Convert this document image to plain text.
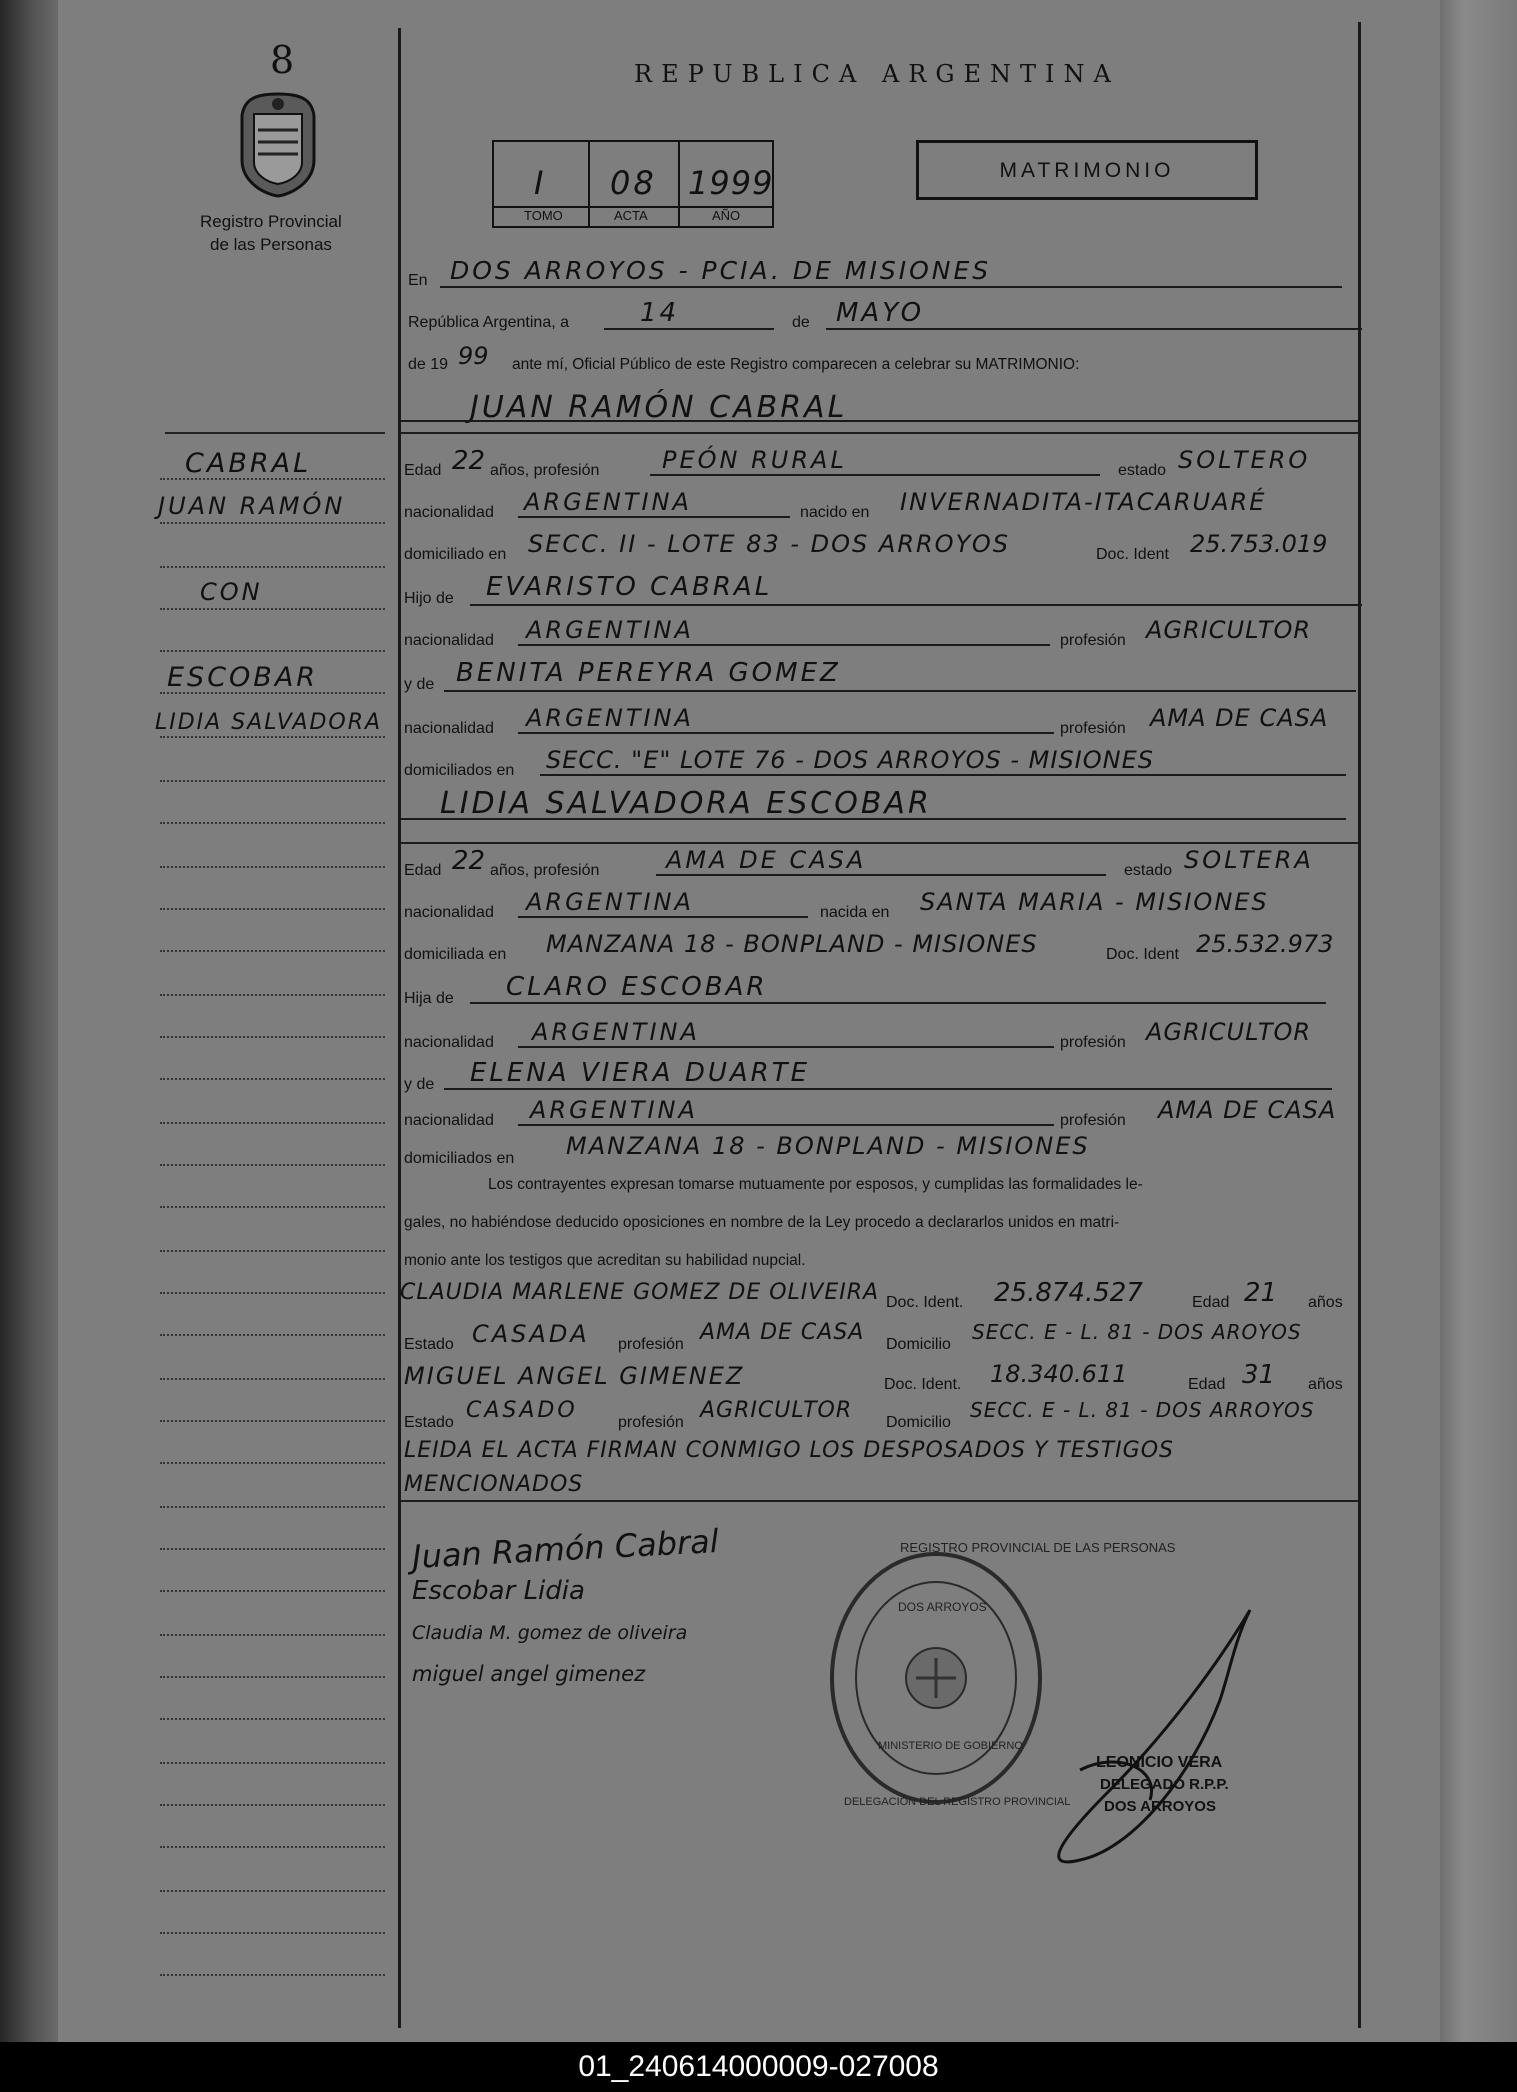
8
Registro Provincial
de las Personas
REPUBLICA ARGENTINA
I 08 1999
TOMO	ACTA	AÑO
MATRIMONIO
CABRAL
JUAN RAMÓN
CON
ESCOBAR
LIDIA SALVADORA
En DOS ARROYOS - PCIA. DE MISIONES
República Argentina, a	14	de MAYO
de 19 99 ante mí, Oficial Público de este Registro comparecen a celebrar su MATRIMONIO:
JUAN RAMÓN CABRAL
Edad 22 años, profesión	PEÓN RURAL	estado SOLTERO
nacionalidad ARGENTINA	nacido en INVERNADITA-ITACARUARÉ
domiciliado en SECC. II - LOTE 83 - DOS ARROYOS	Doc. Ident 25.753.019
Hijo de EVARISTO CABRAL
nacionalidad ARGENTINA	profesión AGRICULTOR
y de BENITA PEREYRA GOMEZ
nacionalidad ARGENTINA	profesión AMA DE CASA
domiciliados en SECC. "E" LOTE 76 - DOS ARROYOS - MISIONES
LIDIA SALVADORA ESCOBAR
Edad 22 años, profesión	AMA DE CASA	estado SOLTERA
nacionalidad ARGENTINA	nacida en SANTA MARIA - MISIONES
domiciliada en MANZANA 18 - BONPLAND - MISIONES	Doc. Ident 25.532.973
Hija de CLARO ESCOBAR
nacionalidad ARGENTINA	profesión AGRICULTOR
y de ELENA VIERA DUARTE
nacionalidad ARGENTINA	profesión AMA DE CASA
domiciliados en MANZANA 18 - BONPLAND - MISIONES
Los contrayentes expresan tomarse mutuamente por esposos, y cumplidas las formalidades le-
gales, no habiéndose deducido oposiciones en nombre de la Ley procedo a declararlos unidos en matri-
monio ante los testigos que acreditan su habilidad nupcial.
CLAUDIA MARLENE GOMEZ DE OLIVEIRA Doc. Ident. 25.874.527	Edad 21 años
Estado CASADA profesión AMA DE CASA Domicilio
SECC. E - L. 81 - DOS AROYOS
MIGUEL ANGEL GIMENEZ	Doc. Ident. 18.340.611	Edad 31 años
Estado CASADO	profesión AGRICULTOR Domicilio
SECC. E - L. 81 - DOS ARROYOS
LEIDA EL ACTA FIRMAN CONMIGO LOS DESPOSADOS Y TESTIGOS
MENCIONADOS
Juan Ramón Cabral
Escobar Lidia
Claudia M. gomez de oliveira
miguel angel gimenez
REGISTRO PROVINCIAL DE LAS PERSONAS
DOS ARROYOS
MINISTERIO DE GOBIERNO
DELEGACIÓN DEL REGISTRO PROVINCIAL
LEONICIO VERA
DELEGADO R.P.P.
DOS ARROYOS
01_240614000009-027008
